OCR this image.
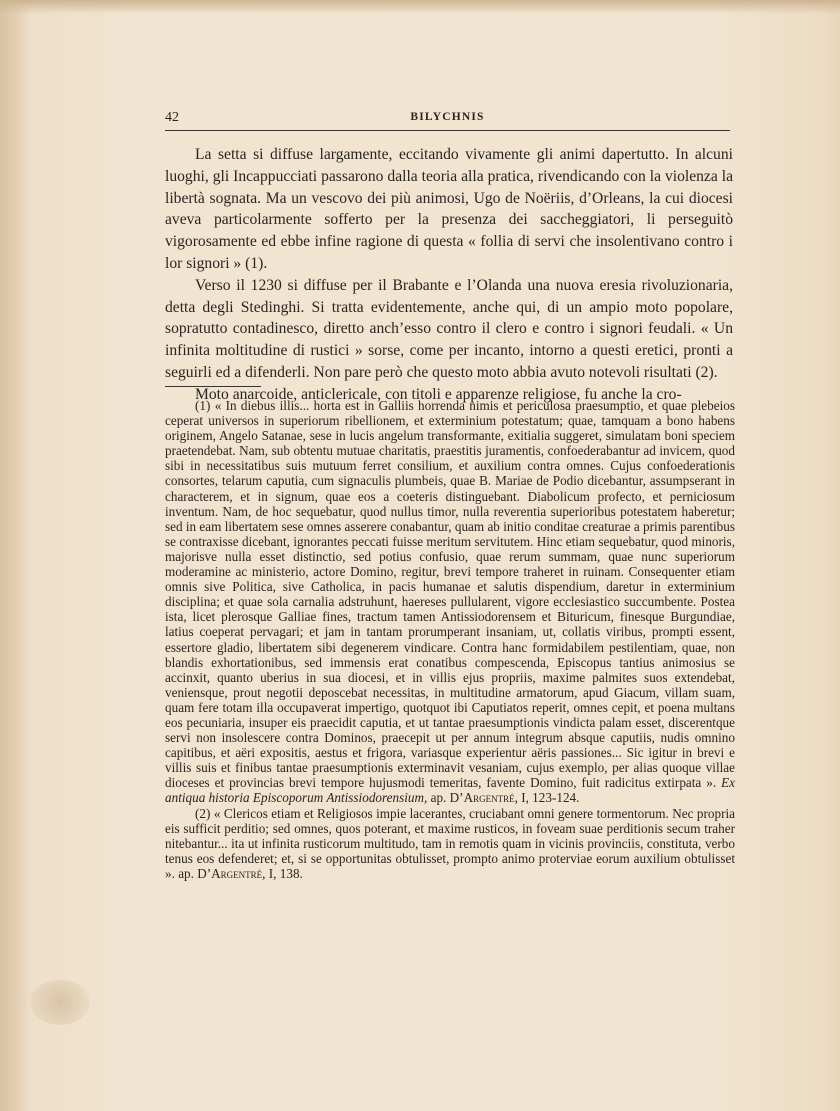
42	BILYCHNIS

La setta si diffuse largamente, eccitando vivamente gli animi dapertutto. In alcuni luoghi, gli Incappucciati passarono dalla teoria alla pratica, rivendicando con la violenza la libertà sognata. Ma un vescovo dei più animosi, Ugo de Noëriis, d’Orleans, la cui diocesi aveva particolarmente sofferto per la presenza dei saccheggiatori, li perseguitò vigorosamente ed ebbe infine ragione di questa « follia di servi che insolentivano contro i lor signori » (1).

Verso il 1230 si diffuse per il Brabante e l’Olanda una nuova eresia rivoluzionaria, detta degli Stedinghi. Si tratta evidentemente, anche qui, di un ampio moto popolare, sopratutto contadinesco, diretto anch’esso contro il clero e contro i signori feudali. « Un infinita moltitudine di rustici » sorse, come per incanto, intorno a questi eretici, pronti a seguirli ed a difenderli. Non pare però che questo moto abbia avuto notevoli risultati (2).

Moto anarcoide, anticlericale, con titoli e apparenze religiose, fu anche la cro-

(1) « In diebus illis... horta est in Galliis horrenda nimis et periculosa praesumptio, et quae plebeios ceperat universos in superiorum ribellionem, et exterminium potestatum; quae, tamquam a bono habens originem, Angelo Satanae, sese in lucis angelum transformante, exitialia suggeret, simulatam boni speciem praetendebat. Nam, sub obtentu mutuae charitatis, praestitis juramentis, confoederabantur ad invicem, quod sibi in necessitatibus suis mutuum ferret consilium, et auxilium contra omnes. Cujus confoederationis consortes, telarum caputia, cum signaculis plumbeis, quae B. Mariae de Podio dicebantur, assumpserant in characterem, et in signum, quae eos a coeteris distinguebant. Diabolicum profecto, et perniciosum inventum. Nam, de hoc sequebatur, quod nullus timor, nulla reverentia superioribus potestatem haberetur; sed in eam libertatem sese omnes asserere conabantur, quam ab initio conditae creaturae a primis parentibus se contraxisse dicebant, ignorantes peccati fuisse meritum servitutem. Hinc etiam sequebatur, quod minoris, majorisve nulla esset distinctio, sed potius confusio, quae rerum summam, quae nunc superiorum moderamine ac ministerio, actore Domino, regitur, brevi tempore traheret in ruinam. Consequenter etiam omnis sive Politica, sive Catholica, in pacis humanae et salutis dispendium, daretur in exterminium disciplina; et quae sola carnalia adstruhunt, haereses pullularent, vigore ecclesiastico succumbente. Postea ista, licet plerosque Galliae fines, tractum tamen Antissiodorensem et Bituricum, finesque Burgundiae, latius coeperat pervagari; et jam in tantam prorumperant insaniam, ut, collatis viribus, prompti essent, essertore gladio, libertatem sibi degenerem vindicare. Contra hanc formidabilem pestilentiam, quae, non blandis exhortationibus, sed immensis erat conatibus compescenda, Episcopus tantius animosius se accinxit, quanto uberius in sua diocesi, et in villis ejus propriis, maxime palmites suos extendebat, veniensque, prout negotii deposcebat necessitas, in multitudine armatorum, apud Giacum, villam suam, quam fere totam illa occupaverat impertigo, quotquot ibi Caputiatos reperit, omnes cepit, et poena multans eos pecuniaria, insuper eis praecidit caputia, et ut tantae praesumptionis vindicta palam esset, discerentque servi non insolescere contra Dominos, praecepit ut per annum integrum absque caputiis, nudis omnino capitibus, et aëri expositis, aestus et frigora, variasque experientur aëris passiones... Sic igitur in brevi e villis suis et finibus tantae praesumptionis exterminavit vesaniam, cujus exemplo, per alias quoque villae dioceses et provincias brevi tempore hujusmodi temeritas, favente Domino, fuit radicitus extirpata ». Ex antiqua historia Episcoporum Antissiodorensium, ap. D’Argentré, I, 123-124.

(2) « Clericos etiam et Religiosos impie lacerantes, cruciabant omni genere tormentorum. Nec propria eis sufficit perditio; sed omnes, quos poterant, et maxime rusticos, in foveam suae perditionis secum traher nitebantur... ita ut infinita rusticorum multitudo, tam in remotis quam in vicinis provinciis, constituta, verbo tenus eos defenderet; et, si se opportunitas obtulisset, prompto animo proterviae eorum auxilium obtulisset ». ap. D’Argentré, I, 138.
